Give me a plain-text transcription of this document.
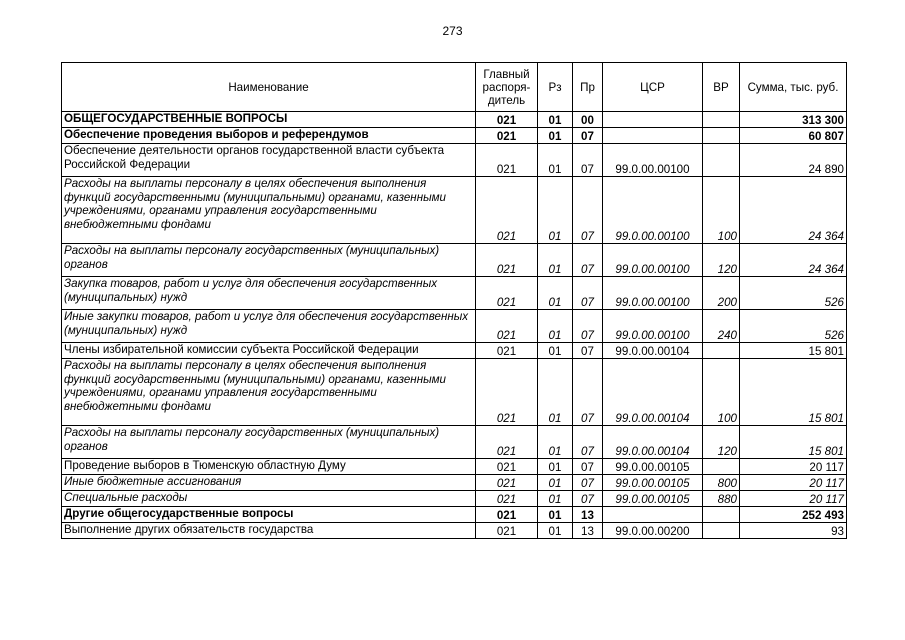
273
Наименование	Главный распоря-дитель	Рз	Пр	ЦСР	ВР	Сумма, тыс. руб.
ОБЩЕГОСУДАРСТВЕННЫЕ ВОПРОСЫ	021	01	00			313 300
Обеспечение проведения выборов и референдумов	021	01	07			60 807
Обеспечение деятельности органов государственной власти субъекта Российской Федерации	021	01	07	99.0.00.00100		24 890
Расходы на выплаты персоналу в целях обеспечения выполнения функций государственными (муниципальными) органами, казенными учреждениями, органами управления государственными внебюджетными фондами	021	01	07	99.0.00.00100	100	24 364
Расходы на выплаты персоналу государственных (муниципальных) органов	021	01	07	99.0.00.00100	120	24 364
Закупка товаров, работ и услуг для обеспечения государственных (муниципальных) нужд	021	01	07	99.0.00.00100	200	526
Иные закупки товаров, работ и услуг для обеспечения государственных (муниципальных) нужд	021	01	07	99.0.00.00100	240	526
Члены избирательной комиссии субъекта Российской Федерации	021	01	07	99.0.00.00104		15 801
Расходы на выплаты персоналу в целях обеспечения выполнения функций государственными (муниципальными) органами, казенными учреждениями, органами управления государственными внебюджетными фондами	021	01	07	99.0.00.00104	100	15 801
Расходы на выплаты персоналу государственных (муниципальных) органов	021	01	07	99.0.00.00104	120	15 801
Проведение выборов в Тюменскую областную Думу	021	01	07	99.0.00.00105		20 117
Иные бюджетные ассигнования	021	01	07	99.0.00.00105	800	20 117
Специальные расходы	021	01	07	99.0.00.00105	880	20 117
Другие общегосударственные вопросы	021	01	13			252 493
Выполнение других обязательств государства	021	01	13	99.0.00.00200		93
